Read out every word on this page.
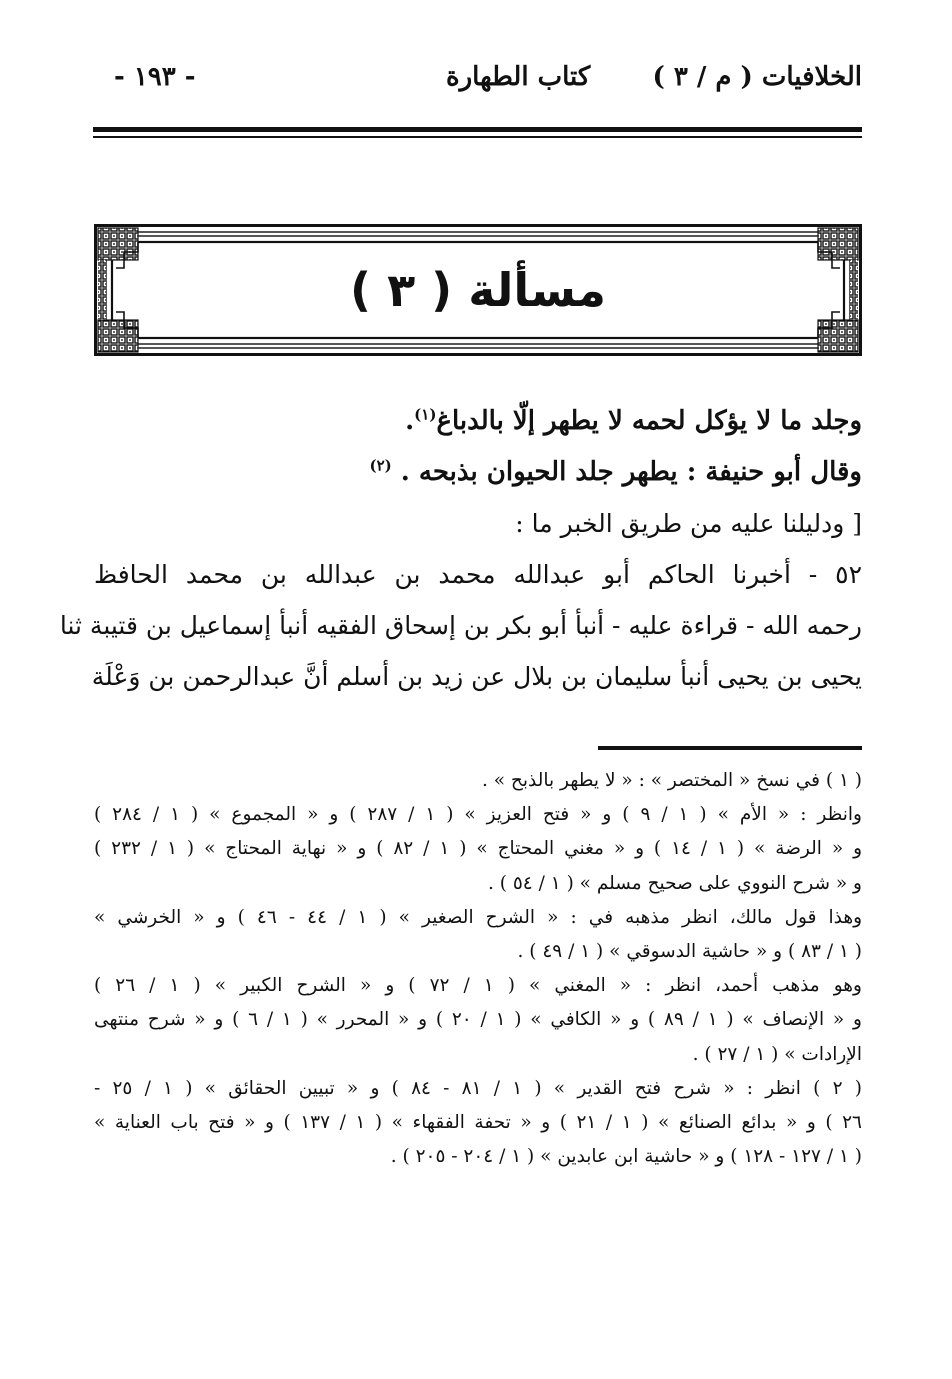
الخلافيات ( م / ٣ )
كتاب الطهارة
- ١٩٣ -
مسألة ( ٣ )
وجلد ما لا يؤكل لحمه لا يطهر إلّا بالدباغ$^{(١)}$.
وقال أبو حنيفة : يطهر جلد الحيوان بذبحه . $^{(٢)}$
[ ودليلنا عليه من طريق الخبر ما :
٥٢ - أخبرنا الحاكم أبو عبدالله محمد بن عبدالله بن محمد الحافظ
رحمه الله - قراءة عليه - أنبأ أبو بكر بن إسحاق الفقيه أنبأ إسماعيل بن قتيبة ثنا
يحيى بن يحيى أنبأ سليمان بن بلال عن زيد بن أسلم أنَّ عبدالرحمن بن وَعْلَة
( ١ ) في نسخ « المختصر » : « لا يطهر بالذبح » .
وانظر : « الأم » ( ١ / ٩ ) و « فتح العزيز » ( ١ / ٢٨٧ ) و « المجموع » ( ١ / ٢٨٤ )
و « الرضة » ( ١ / ١٤ ) و « مغني المحتاج » ( ١ / ٨٢ ) و « نهاية المحتاج » ( ١ / ٢٣٢ )
و « شرح النووي على صحيح مسلم » ( ١ / ٥٤ ) .
وهذا قول مالك، انظر مذهبه في : « الشرح الصغير » ( ١ / ٤٤ - ٤٦ ) و « الخرشي »
( ١ / ٨٣ ) و « حاشية الدسوقي » ( ١ / ٤٩ ) .
وهو مذهب أحمد، انظر : « المغني » ( ١ / ٧٢ ) و « الشرح الكبير » ( ١ / ٢٦ )
و « الإنصاف » ( ١ / ٨٩ ) و « الكافي » ( ١ / ٢٠ ) و « المحرر » ( ١ / ٦ ) و « شرح منتهى
الإرادات » ( ١ / ٢٧ ) .
( ٢ ) انظر : « شرح فتح القدير » ( ١ / ٨١ - ٨٤ ) و « تبيين الحقائق » ( ١ / ٢٥ -
٢٦ ) و « بدائع الصنائع » ( ١ / ٢١ ) و « تحفة الفقهاء » ( ١ / ١٣٧ ) و « فتح باب العناية »
( ١ / ١٢٧ - ١٢٨ ) و « حاشية ابن عابدين » ( ١ / ٢٠٤ - ٢٠٥ ) .
